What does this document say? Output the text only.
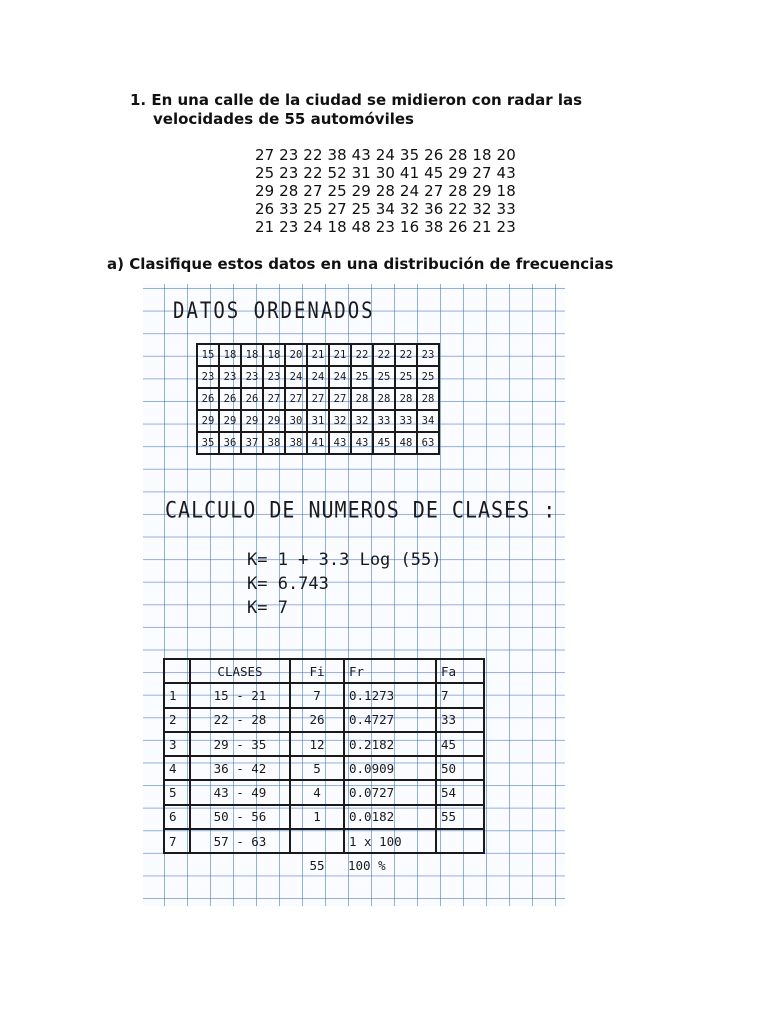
1. En una calle de la ciudad se midieron con radar las
velocidades de 55 automóviles
27 23 22 38 43 24 35 26 28 18 20
25 23 22 52 31 30 41 45 29 27 43
29 28 27 25 29 28 24 27 28 29 18
26 33 25 27 25 34 32 36 22 32 33
21 23 24 18 48 23 16 38 26 21 23
a) Clasifique estos datos en una distribución de frecuencias
DATOS ORDENADOS
15	18	18	18	20	21	21	22	22	22	23
23	23	23	23	24	24	24	25	25	25	25
26	26	26	27	27	27	27	28	28	28	28
29	29	29	29	30	31	32	32	33	33	34
35	36	37	38	38	41	43	43	45	48	63
CALCULO DE NUMEROS DE CLASES :
K= 1 + 3.3 Log (55)
K= 6.743
K= 7
	CLASES	Fi	Fr	Fa
1	15 - 21	7	0.1273	7
2	22 - 28	26	0.4727	33
3	29 - 35	12	0.2182	45
4	36 - 42	5	0.0909	50
5	43 - 49	4	0.0727	54
6	50 - 56	1	0.0182	55
7	57 - 63		1 x 100	
		55	100 %	
